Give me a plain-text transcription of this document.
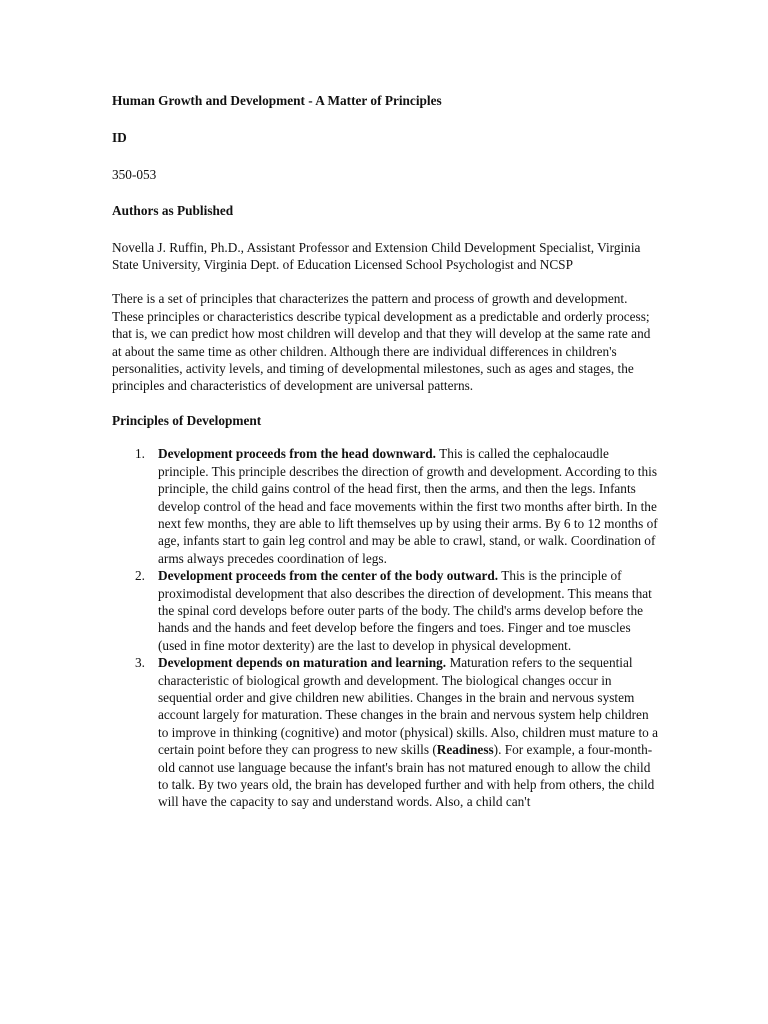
Human Growth and Development - A Matter of Principles

ID

350-053

Authors as Published

Novella J. Ruffin, Ph.D., Assistant Professor and Extension Child Development Specialist, Virginia State University, Virginia Dept. of Education Licensed School Psychologist and NCSP

There is a set of principles that characterizes the pattern and process of growth and development. These principles or characteristics describe typical development as a predictable and orderly process; that is, we can predict how most children will develop and that they will develop at the same rate and at about the same time as other children. Although there are individual differences in children's personalities, activity levels, and timing of developmental milestones, such as ages and stages, the principles and characteristics of development are universal patterns.

Principles of Development

1. Development proceeds from the head downward. This is called the cephalocaudle principle. This principle describes the direction of growth and development. According to this principle, the child gains control of the head first, then the arms, and then the legs. Infants develop control of the head and face movements within the first two months after birth. In the next few months, they are able to lift themselves up by using their arms. By 6 to 12 months of age, infants start to gain leg control and may be able to crawl, stand, or walk. Coordination of arms always precedes coordination of legs.
2. Development proceeds from the center of the body outward. This is the principle of proximodistal development that also describes the direction of development. This means that the spinal cord develops before outer parts of the body. The child's arms develop before the hands and the hands and feet develop before the fingers and toes. Finger and toe muscles (used in fine motor dexterity) are the last to develop in physical development.
3. Development depends on maturation and learning. Maturation refers to the sequential characteristic of biological growth and development. The biological changes occur in sequential order and give children new abilities. Changes in the brain and nervous system account largely for maturation. These changes in the brain and nervous system help children to improve in thinking (cognitive) and motor (physical) skills. Also, children must mature to a certain point before they can progress to new skills (Readiness). For example, a four-month-old cannot use language because the infant's brain has not matured enough to allow the child to talk. By two years old, the brain has developed further and with help from others, the child will have the capacity to say and understand words. Also, a child can't
